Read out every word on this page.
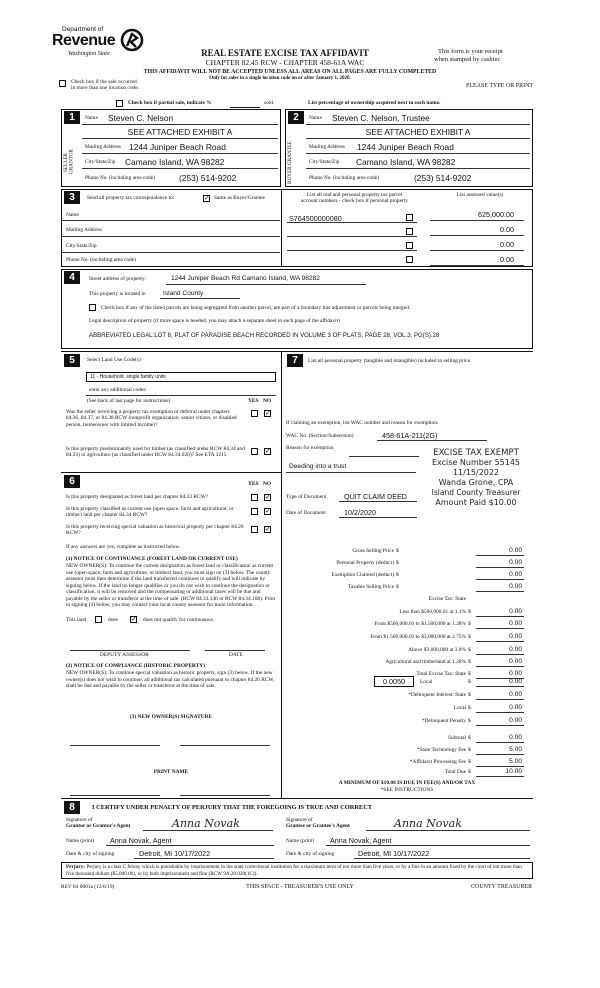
Department of
Revenue
Washington State	REAL ESTATE EXCISE TAX AFFIDAVIT
CHAPTER 82.45 RCW - CHAPTER 458-61A WAC
This form is your receipt
when stamped by cashier.
THIS AFFIDAVIT WILL NOT BE ACCEPTED UNLESS ALL AREAS ON ALL PAGES ARE FULLY COMPLETED
Only for sales in a single location code on or after January 1, 2020.
PLEASE TYPE OR PRINT
Check box if the sale occurred
in more than one location code.
Check box if partial sale, indicate %	sold.	List percentage of ownership acquired next to each name.
1
SELLER GRANTOR
Name Steven C. Nelson
SEE ATTACHED EXHIBIT A
Mailing Address 1244 Juniper Beach Road
City/State/Zip Camano Island, WA 98282
Phone No. (including area code)	(253) 514-9202
2
BUYER GRANTEE
Name Steven C. Nelson, Trustee
SEE ATTACHED EXHIBIT A
Mailing Address 1244 Juniper Beach Road
City/State/Zip Camano Island, WA 98282
Phone No. (including area code)	(253) 514-9202
3	Send all property tax correspondence to:	✓ Same as Buyer/Grantee
Name
Mailing Address
City/State/Zip
Phone No. (including area code)
List all real and personal property tax parcel
account numbers - check box if personal property
List assessed value(s)
S764500000080	625,000.00
0.00
0.00
0.00
4	Street address of property:	1244 Juniper Beach Rd Camano Island, WA 98282
This property is located in	Island County
Check box if any of the listed parcels are being segregated from another parcel, are part of a boundary line adjustment or parcels being merged.
Legal description of property (if more space is needed, you may attach a separate sheet to each page of the affidavit)
ABBREVIATED LEGAL:LOT 8, PLAT OF PARADISE BEACH RECORDED IN VOLUME 3 OF PLATS, PAGE 28, VOL.3, PG(S).28
5	Select Land Use Code(s)
11 - Household, single family units
enter any additional codes:
(See back of last page for instructions)	YES NO
Was the seller receiving a property tax exemption or deferral under chapters 84.36, 84.37, or 84.38 RCW (nonprofit organization, senior citizen, or disabled person, homeowner with limited income)?
✓
Is this property predominantly used for timber (as classified under RCW 84.34 and 84.33) or agriculture (as classified under RCW 84.34.020)? See ETA 3215	✓
6	YES NO
Is this property designated as forest land per chapter 84.33 RCW?	✓
Is this property classified as current use (open space, farm and agricultural, or timber) land per chapter 84.34 RCW?	✓
Is this property receiving special valuation as historical property per chapter 84.26 RCW?	✓
If any answers are yes, complete as instructed below.
(1) NOTICE OF CONTINUANCE (FOREST LAND OR CURRENT USE)
NEW OWNER(S): To continue the current designation as forest land or classification as current use (open space, farm and agriculture, or timber) land, you must sign on (3) below. The county assessor must then determine if the land transferred continues to qualify and will indicate by signing below. If the land no longer qualifies or you do not wish to continue the designation or classification, it will be removed and the compensating or additional taxes will be due and payable by the seller or transferor at the time of sale. (RCW 84.33.140 or RCW 84.34.108). Prior to signing (3) below, you may contact your local county assessor for more information.
This land	does ✓ does not qualify for continuance.
DEPUTY ASSESSOR	DATE
(2) NOTICE OF COMPLIANCE (HISTORIC PROPERTY)
NEW OWNER(S): To continue special valuation as historic property, sign (3) below. If the new owner(s) does not wish to continue, all additional tax calculated pursuant to chapter 84.26 RCW, shall be due and payable by the seller or transferor at the time of sale.
(3) NEW OWNER(S) SIGNATURE
PRINT NAME
7	List all personal property (tangible and intangible) included in selling price.
If claiming an exemption, list WAC number and reason for exemption:
WAC No. (Section/Subsection)	458-61A-211(2G)
Reason for exemption
Deeding into a trust
Type of Document QUIT CLAIM DEED
Date of Document	10/2/2020
EXCISE TAX EXEMPT
Excise Number 55145
11/15/2022
Wanda Grone, CPA
Island County Treasurer
Amount Paid $10.00
Gross Selling Price $	0.00
Personal Property (deduct) $	0.00
Exemption Claimed (deduct) $	0.00
Taxable Selling Price $	0.00
Excise Tax: State
Less than $500,000.01 at 1.1% $	0.00
From $500,000.01 to $1,500,000 at 1.28% $	0.00
From $1,500,000.01 to $3,000,000 at 2.75% $	0.00
Above $3,000,000 at 3.0% $	0.00
Agricultural and timberland at 1.28% $	0.00
Total Excise Tax: State $	0.00
Local	$	0.00
*Delinquent Interest: State $	0.00
Local $	0.00
*Delinquent Penalty $	0.00
Subtotal $	0.00
*State Technology Fee $	5.00
*Affidavit Processing Fee $	5.00
Total Due $	10.00
0.0050
A MINIMUM OF $10.00 IS DUE IN FEE(S) AND/OR TAX
*SEE INSTRUCTIONS
8	I CERTIFY UNDER PENALTY OF PERJURY THAT THE FOREGOING IS TRUE AND CORRECT
Signature of
Grantor or Grantor's Agent	Anna Novak
Name (print) Anna Novak, Agent
Date & city of signing	Detroit, MI 10/17/2022
Signature of
Grantee or Grantee's Agent	Anna Novak
Name (print) Anna Novak, Agent
Date & city of signing	Detroit, MI 10/17/2022
Perjury: Perjury is a class C felony which is punishable by imprisonment in the state correctional institution for a maximum term of not more than five years, or by a fine in an amount fixed by the court of not more than five thousand dollars ($5,000.00), or by both imprisonment and fine (RCW 9A.20.020(1C)).
REV 84 0001a (12/6/19)	THIS SPACE - TREASURER'S USE ONLY	COUNTY TREASURER
